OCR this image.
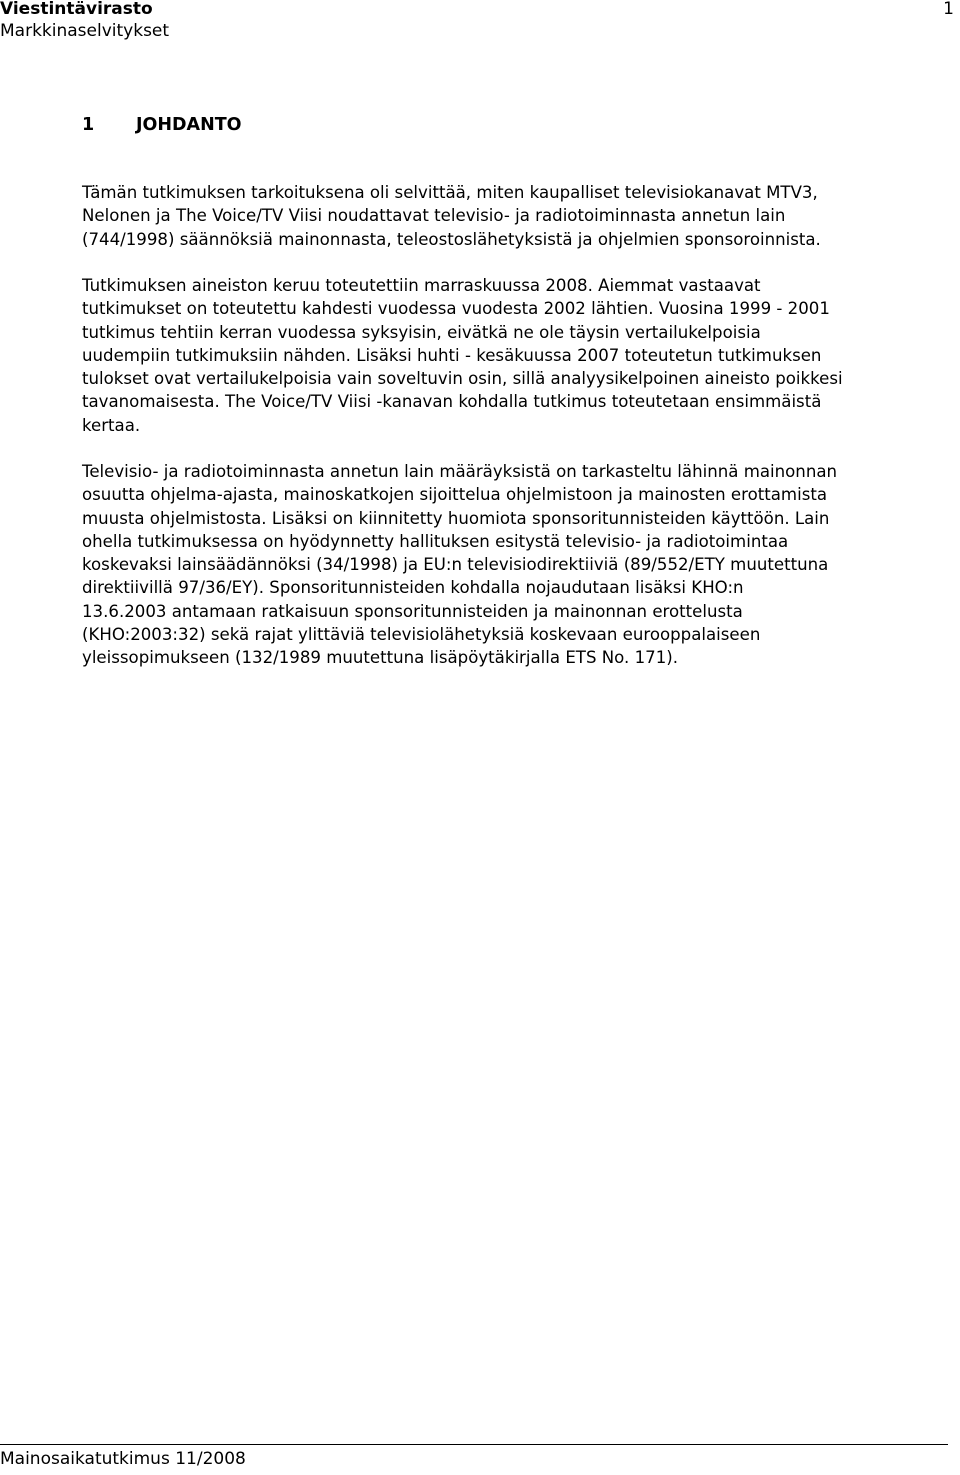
Viestintävirasto
Markkinaselvitykset
1
1 JOHDANTO
Tämän tutkimuksen tarkoituksena oli selvittää, miten kaupalliset televisiokanavat MTV3,
Nelonen ja The Voice/TV Viisi noudattavat televisio- ja radiotoiminnasta annetun lain
(744/1998) säännöksiä mainonnasta, teleostoslähetyksistä ja ohjelmien sponsoroinnista.
Tutkimuksen aineiston keruu toteutettiin marraskuussa 2008. Aiemmat vastaavat
tutkimukset on toteutettu kahdesti vuodessa vuodesta 2002 lähtien. Vuosina 1999 - 2001
tutkimus tehtiin kerran vuodessa syksyisin, eivätkä ne ole täysin vertailukelpoisia
uudempiin tutkimuksiin nähden. Lisäksi huhti - kesäkuussa 2007 toteutetun tutkimuksen
tulokset ovat vertailukelpoisia vain soveltuvin osin, sillä analyysikelpoinen aineisto poikkesi
tavanomaisesta. The Voice/TV Viisi -kanavan kohdalla tutkimus toteutetaan ensimmäistä
kertaa.
Televisio- ja radiotoiminnasta annetun lain määräyksistä on tarkasteltu lähinnä mainonnan
osuutta ohjelma-ajasta, mainoskatkojen sijoittelua ohjelmistoon ja mainosten erottamista
muusta ohjelmistosta. Lisäksi on kiinnitetty huomiota sponsoritunnisteiden käyttöön. Lain
ohella tutkimuksessa on hyödynnetty hallituksen esitystä televisio- ja radiotoimintaa
koskevaksi lainsäädännöksi (34/1998) ja EU:n televisiodirektiiviä (89/552/ETY muutettuna
direktiivillä 97/36/EY). Sponsoritunnisteiden kohdalla nojaudutaan lisäksi KHO:n
13.6.2003 antamaan ratkaisuun sponsoritunnisteiden ja mainonnan erottelusta
(KHO:2003:32) sekä rajat ylittäviä televisiolähetyksiä koskevaan eurooppalaiseen
yleissopimukseen (132/1989 muutettuna lisäpöytäkirjalla ETS No. 171).
Mainosaikatutkimus 11/2008
